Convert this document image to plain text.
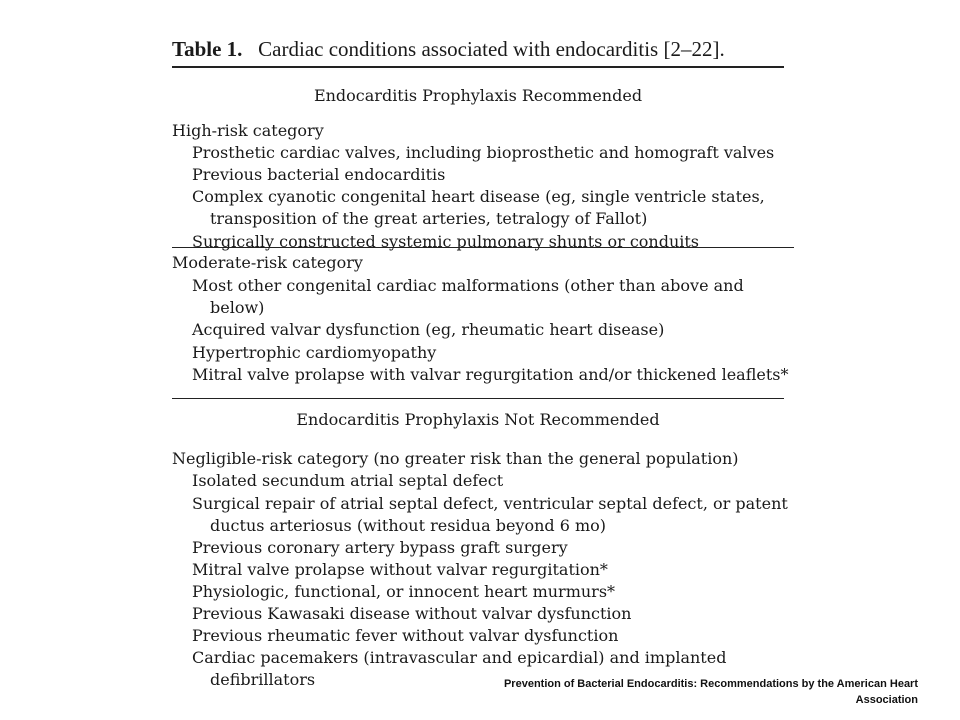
Table 1. Cardiac conditions associated with endocarditis [2–22].

Endocarditis Prophylaxis Recommended
High-risk category
Prosthetic cardiac valves, including bioprosthetic and homograft valves
Previous bacterial endocarditis
Complex cyanotic congenital heart disease (eg, single ventricle states,
transposition of the great arteries, tetralogy of Fallot)
Surgically constructed systemic pulmonary shunts or conduits
Moderate-risk category
Most other congenital cardiac malformations (other than above and
below)
Acquired valvar dysfunction (eg, rheumatic heart disease)
Hypertrophic cardiomyopathy
Mitral valve prolapse with valvar regurgitation and/or thickened leaflets*
Endocarditis Prophylaxis Not Recommended
Negligible-risk category (no greater risk than the general population)
Isolated secundum atrial septal defect
Surgical repair of atrial septal defect, ventricular septal defect, or patent
ductus arteriosus (without residua beyond 6 mo)
Previous coronary artery bypass graft surgery
Mitral valve prolapse without valvar regurgitation*
Physiologic, functional, or innocent heart murmurs*
Previous Kawasaki disease without valvar dysfunction
Previous rheumatic fever without valvar dysfunction
Cardiac pacemakers (intravascular and epicardial) and implanted
defibrillators	Prevention of Bacterial Endocarditis: Recommendations by the American Heart
Association
